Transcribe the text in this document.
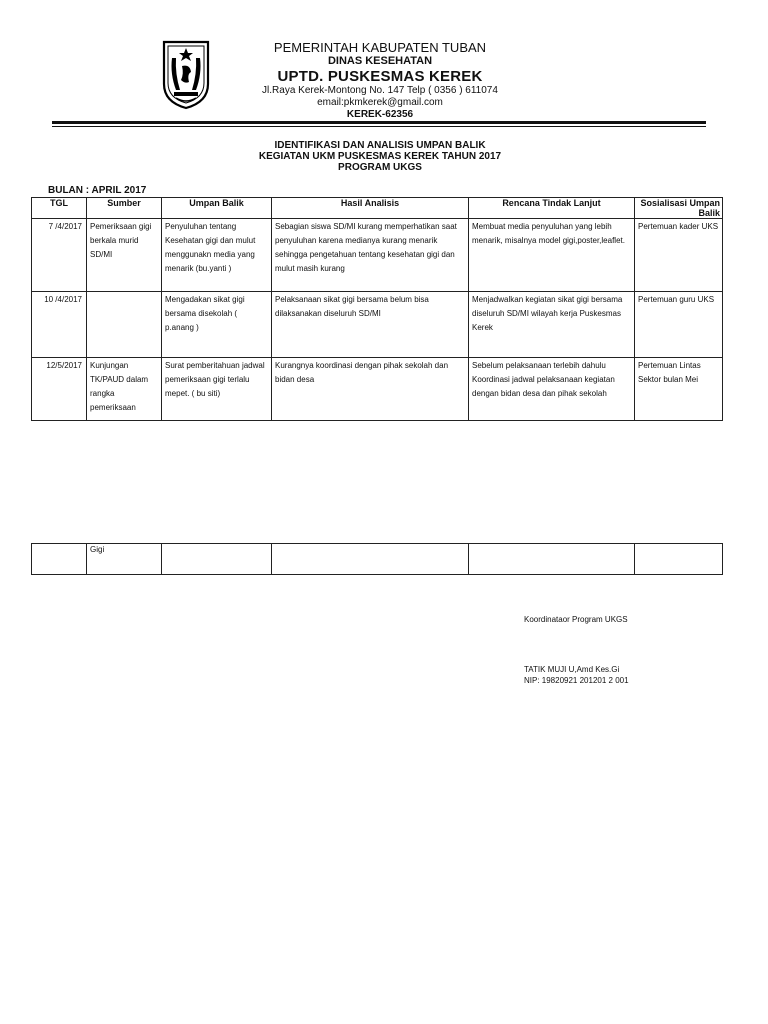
PEMERINTAH KABUPATEN TUBAN
DINAS KESEHATAN
UPTD. PUSKESMAS KEREK
Jl.Raya Kerek-Montong No. 147 Telp ( 0356 ) 611074
email:pkmkerek@gmail.com
KEREK-62356
IDENTIFIKASI DAN ANALISIS UMPAN BALIK
KEGIATAN UKM PUSKESMAS KEREK TAHUN 2017
PROGRAM UKGS
BULAN : APRIL 2017
TGL	Sumber	Umpan Balik	Hasil Analisis	Rencana Tindak Lanjut	Sosialisasi Umpan Balik
7 /4/2017	Pemeriksaan gigi berkala murid SD/MI	Penyuluhan tentang Kesehatan gigi dan mulut menggunakn media yang menarik (bu.yanti )	Sebagian siswa SD/MI kurang memperhatikan saat penyuluhan karena medianya kurang menarik sehingga pengetahuan tentang kesehatan gigi dan mulut masih kurang	Membuat media penyuluhan yang lebih menarik, misalnya model gigi,poster,leaflet.	Pertemuan kader UKS
10 /4/2017		Mengadakan sikat gigi bersama disekolah ( p.anang )	Pelaksanaan sikat gigi bersama belum bisa dilaksanakan diseluruh SD/MI	Menjadwalkan kegiatan sikat gigi bersama diseluruh SD/MI wilayah kerja Puskesmas Kerek	Pertemuan guru UKS
12/5/2017	Kunjungan TK/PAUD dalam rangka pemeriksaan	Surat pemberitahuan jadwal pemeriksaan gigi terlalu mepet. ( bu siti)	Kurangnya koordinasi dengan pihak sekolah dan bidan desa	Sebelum pelaksanaan terlebih dahulu Koordinasi jadwal pelaksanaan kegiatan dengan bidan desa dan pihak sekolah	Pertemuan Lintas Sektor bulan Mei
	Gigi				
Koordinataor Program UKGS
TATIK MUJI U,Amd Kes.Gi
NIP: 19820921 201201 2 001
